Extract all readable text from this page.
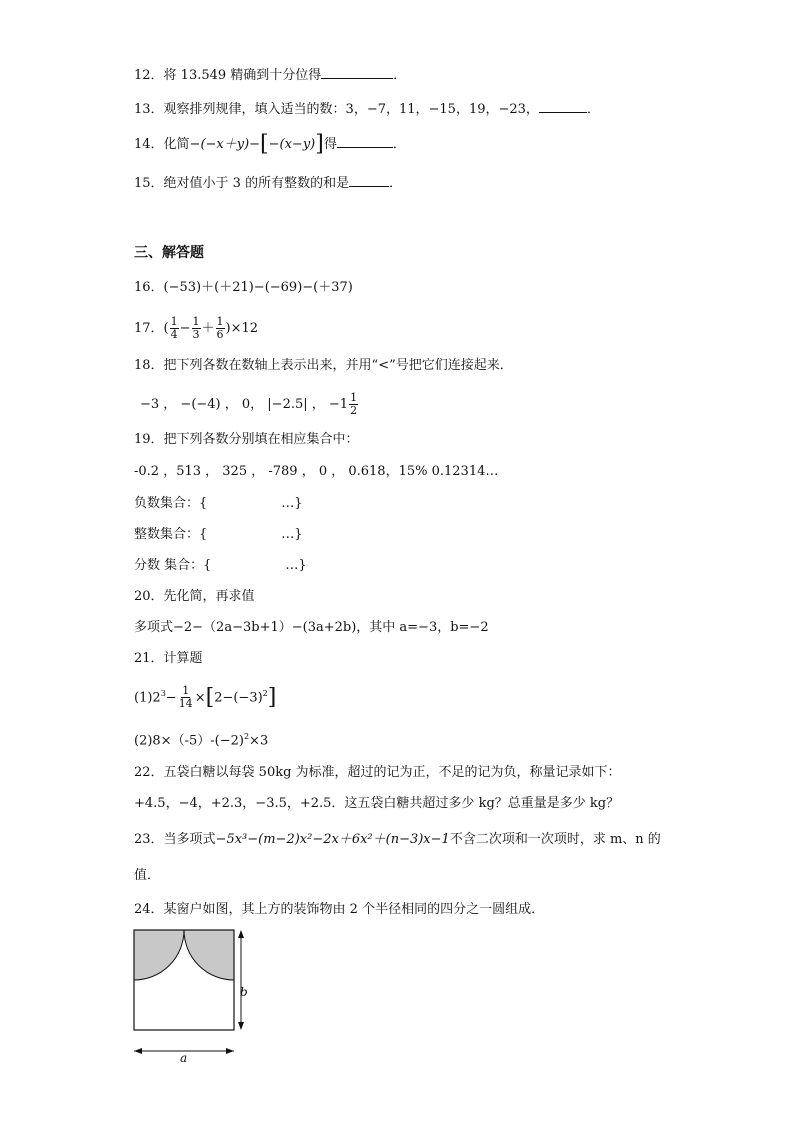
12．将 13.549 精确到十分位得	．
13．观察排列规律，填入适当的数：3，−7，11，−15，19，−23，	．
14．化简−(−x＋y)−[−(x−y)]得	．
15．绝对值小于 3 的所有整数的和是	．
三、解答题
16．(−53)＋(＋21)−(−69)−(＋37)
17．( $\frac{1}{4} - \frac{1}{3} + \frac{1}{6} )\times 12$
18．把下列各数在数轴上表示出来，并用“<”号把它们连接起来．
−3 ， −(−4) ， 0， |−2.5| ， $-1 \frac{1}{2}$
19．把下列各数分别填在相应集合中：
-0.2 ，513 ， 325 ， -789 ， 0 ， 0.618，15% 0.12314…
负数集合：{	…}
整数集合：{	…}
分数 集合：{	…}
20．先化简，再求值
多项式−2−（2a−3b+1）−(3a+2b)，其中 a=−3，b=−2
21．计算题
$(1)2^3- \frac{1}{14} \times[2-(-3)^2]$
$(2)8\times(-5)-(-2)^2\times 3$
22．五袋白糖以每袋 50kg 为标准，超过的记为正，不足的记为负，称量记录如下：
+4.5，−4，+2.3，−3.5，+2.5．这五袋白糖共超过多少 kg？总重量是多少 kg？
23．当多项式−5x³−(m−2)x²−2x＋6x²＋(n−3)x−1不含二次项和一次项时，求 m、n 的
值．
24．某窗户如图，其上方的装饰物由 2 个半径相同的四分之一圆组成．
b
a
